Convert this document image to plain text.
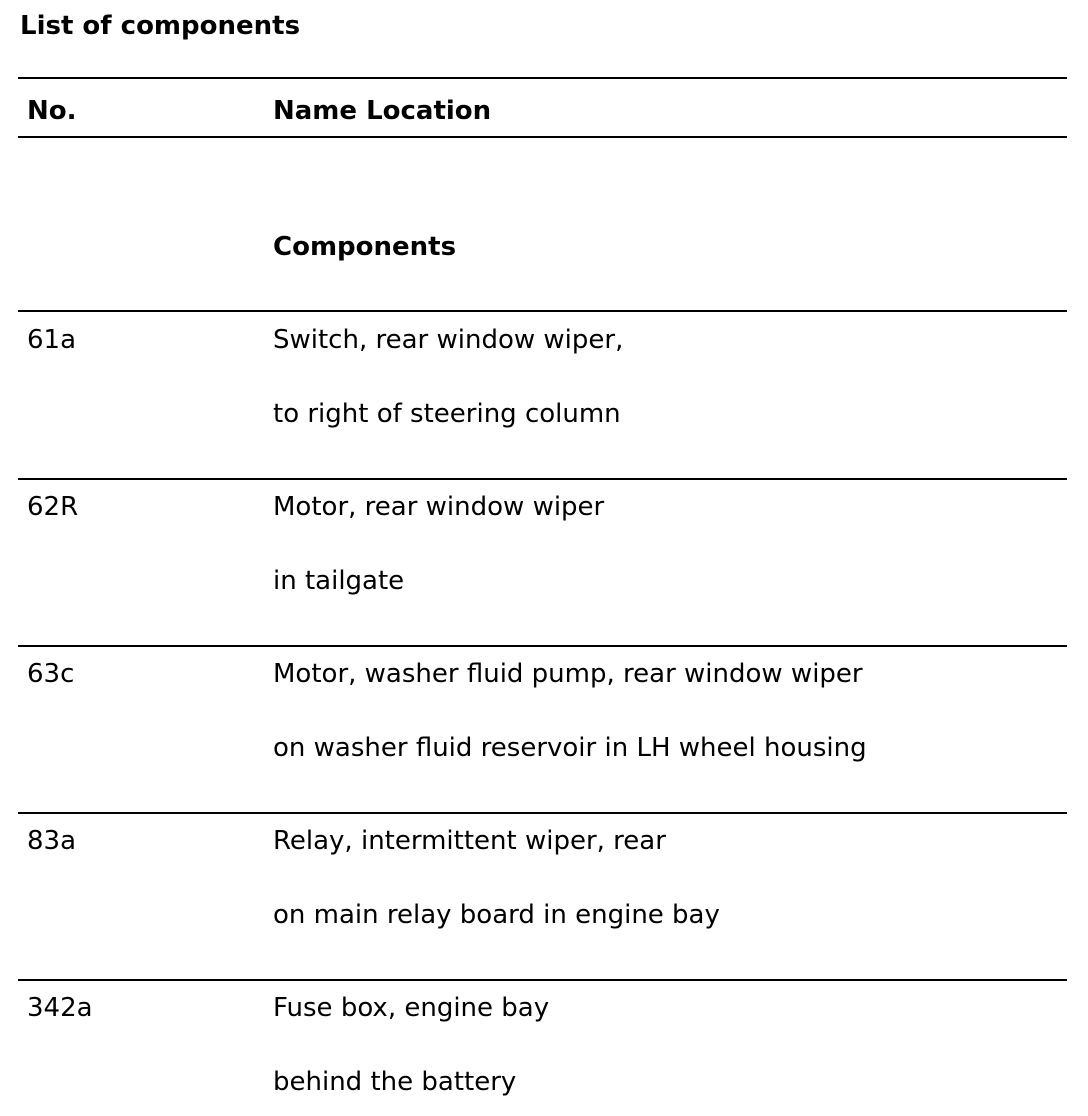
List of components
No.	Name Location
Components
61a	Switch, rear window wiper,
to right of steering column
62R	Motor, rear window wiper
in tailgate
63c	Motor, washer fluid pump, rear window wiper
on washer fluid reservoir in LH wheel housing
83a	Relay, intermittent wiper, rear
on main relay board in engine bay
342a	Fuse box, engine bay
behind the battery
